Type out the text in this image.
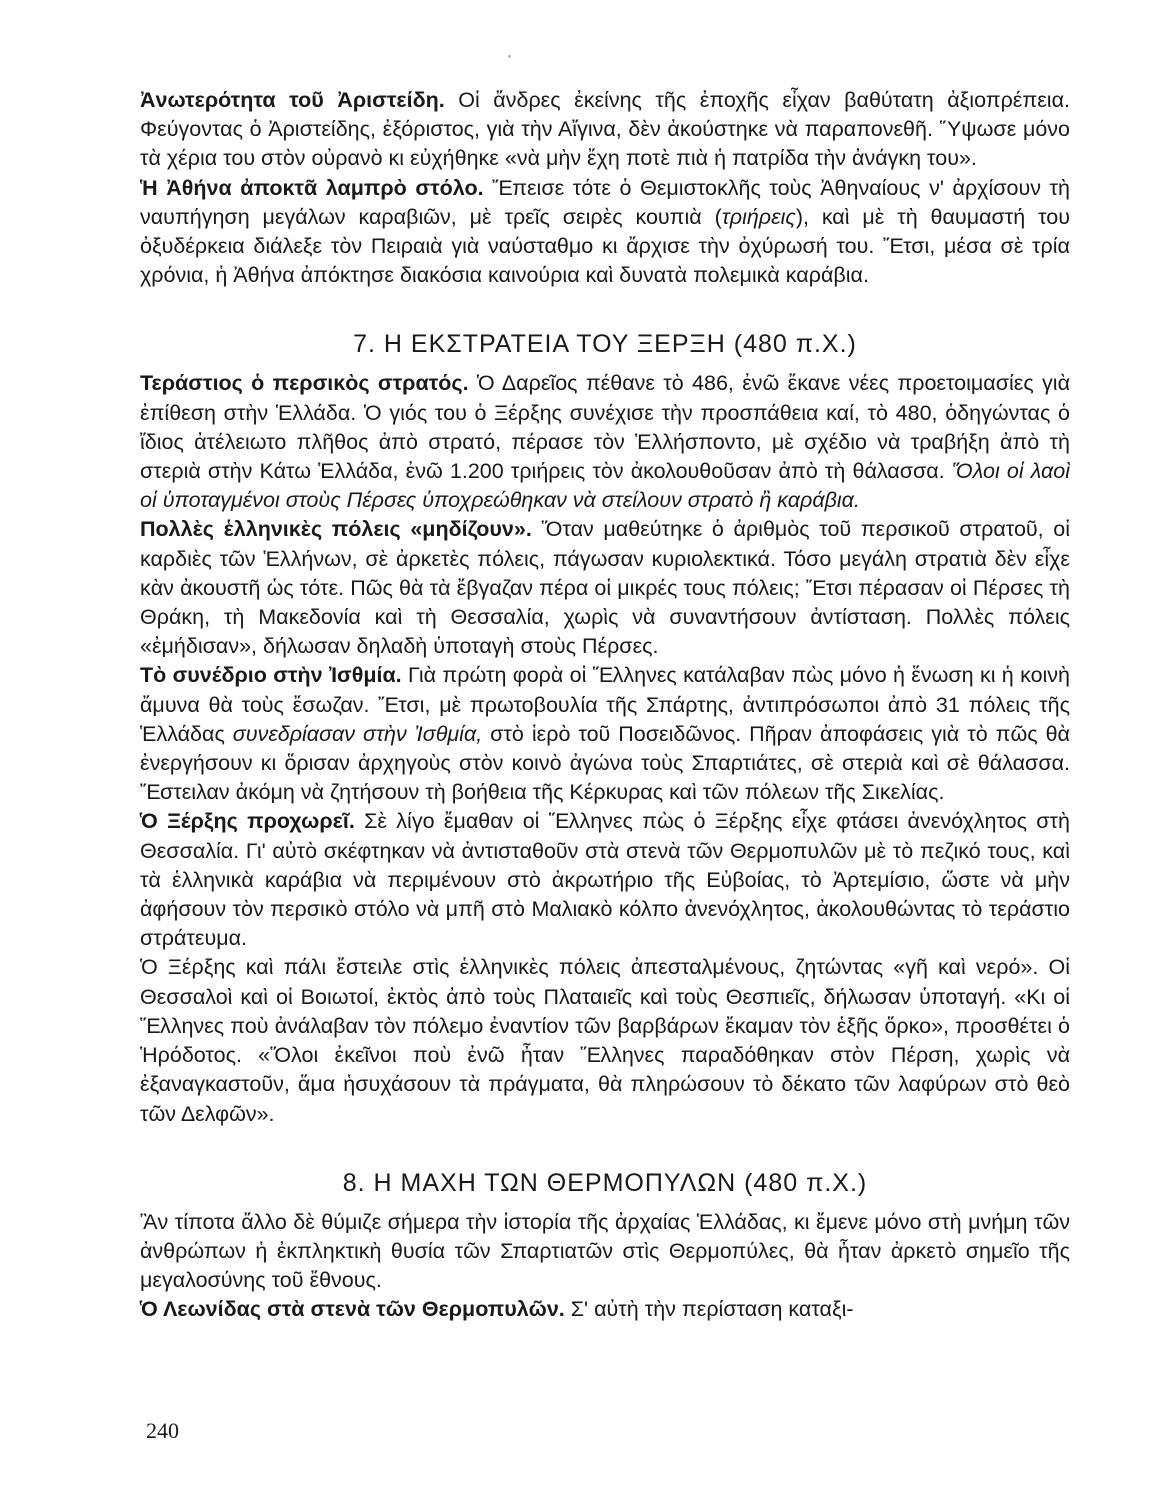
Ἀνωτερότητα τοῦ Ἀριστείδη. Οἱ ἄνδρες ἐκείνης τῆς ἐποχῆς εἶχαν βαθύτατη ἀξιοπρέπεια. Φεύγοντας ὁ Ἀριστείδης, ἐξόριστος, γιὰ τὴν Αἴγινα, δὲν ἀκούστηκε νὰ παραπονεθῆ. Ὕψωσε μόνο τὰ χέρια του στὸν οὐρανὸ κι εὐχήθηκε «νὰ μὴν ἔχη ποτὲ πιὰ ἡ πατρίδα τὴν ἀνάγκη του».

Ἡ Ἀθήνα ἀποκτᾶ λαμπρὸ στόλο. Ἔπεισε τότε ὁ Θεμιστοκλῆς τοὺς Ἀθηναίους ν' ἀρχίσουν τὴ ναυπήγηση μεγάλων καραβιῶν, μὲ τρεῖς σειρὲς κουπιὰ (τριήρεις), καὶ μὲ τὴ θαυμαστή του ὀξυδέρκεια διάλεξε τὸν Πειραιὰ γιὰ ναύσταθμο κι ἄρχισε τὴν ὀχύρωσή του. Ἔτσι, μέσα σὲ τρία χρόνια, ἡ Ἀθήνα ἀπόκτησε διακόσια καινούρια καὶ δυνατὰ πολεμικὰ καράβια.

7. Η ΕΚΣΤΡΑΤΕΙΑ ΤΟΥ ΞΕΡΞΗ (480 π.Χ.)

Τεράστιος ὁ περσικὸς στρατός. Ὁ Δαρεῖος πέθανε τὸ 486, ἐνῶ ἔκανε νέες προετοιμασίες γιὰ ἐπίθεση στὴν Ἑλλάδα. Ὁ γιός του ὁ Ξέρξης συνέχισε τὴν προσπάθεια καί, τὸ 480, ὁδηγώντας ὁ ἴδιος ἀτέλειωτο πλῆθος ἀπὸ στρατό, πέρασε τὸν Ἑλλήσποντο, μὲ σχέδιο νὰ τραβήξη ἀπὸ τὴ στεριὰ στὴν Κάτω Ἑλλάδα, ἐνῶ 1.200 τριήρεις τὸν ἀκολουθοῦσαν ἀπὸ τὴ θάλασσα. Ὅλοι οἱ λαοὶ οἱ ὑποταγμένοι στοὺς Πέρσες ὑποχρεώθηκαν νὰ στείλουν στρατὸ ἢ καράβια.

Πολλὲς ἑλληνικὲς πόλεις «μηδίζουν». Ὅταν μαθεύτηκε ὁ ἀριθμὸς τοῦ περσικοῦ στρατοῦ, οἱ καρδιὲς τῶν Ἑλλήνων, σὲ ἀρκετὲς πόλεις, πάγωσαν κυριολεκτικά. Τόσο μεγάλη στρατιὰ δὲν εἶχε κὰν ἀκουστῆ ὡς τότε. Πῶς θὰ τὰ ἔβγαζαν πέρα οἱ μικρές τους πόλεις; Ἔτσι πέρασαν οἱ Πέρσες τὴ Θράκη, τὴ Μακεδονία καὶ τὴ Θεσσαλία, χωρὶς νὰ συναντήσουν ἀντίσταση. Πολλὲς πόλεις «ἐμήδισαν», δήλωσαν δηλαδὴ ὑποταγὴ στοὺς Πέρσες.

Τὸ συνέδριο στὴν Ἰσθμία. Γιὰ πρώτη φορὰ οἱ Ἕλληνες κατάλαβαν πὼς μόνο ἡ ἕνωση κι ἡ κοινὴ ἄμυνα θὰ τοὺς ἔσωζαν. Ἔτσι, μὲ πρωτοβουλία τῆς Σπάρτης, ἀντιπρόσωποι ἀπὸ 31 πόλεις τῆς Ἑλλάδας συνεδρίασαν στὴν Ἰσθμία, στὸ ἱερὸ τοῦ Ποσειδῶνος. Πῆραν ἀποφάσεις γιὰ τὸ πῶς θὰ ἐνεργήσουν κι ὅρισαν ἀρχηγοὺς στὸν κοινὸ ἀγώνα τοὺς Σπαρτιάτες, σὲ στεριὰ καὶ σὲ θάλασσα. Ἔστειλαν ἀκόμη νὰ ζητήσουν τὴ βοήθεια τῆς Κέρκυρας καὶ τῶν πόλεων τῆς Σικελίας.

Ὁ Ξέρξης προχωρεῖ. Σὲ λίγο ἔμαθαν οἱ Ἕλληνες πὼς ὁ Ξέρξης εἶχε φτάσει ἀνενόχλητος στὴ Θεσσαλία. Γι' αὐτὸ σκέφτηκαν νὰ ἀντισταθοῦν στὰ στενὰ τῶν Θερμοπυλῶν μὲ τὸ πεζικό τους, καὶ τὰ ἑλληνικὰ καράβια νὰ περιμένουν στὸ ἀκρωτήριο τῆς Εὐβοίας, τὸ Ἀρτεμίσιο, ὥστε νὰ μὴν ἀφήσουν τὸν περσικὸ στόλο νὰ μπῆ στὸ Μαλιακὸ κόλπο ἀνενόχλητος, ἀκολουθώντας τὸ τεράστιο στράτευμα.

Ὁ Ξέρξης καὶ πάλι ἔστειλε στὶς ἑλληνικὲς πόλεις ἀπεσταλμένους, ζητώντας «γῆ καὶ νερό». Οἱ Θεσσαλοὶ καὶ οἱ Βοιωτοί, ἐκτὸς ἀπὸ τοὺς Πλαταιεῖς καὶ τοὺς Θεσπιεῖς, δήλωσαν ὑποταγή. «Κι οἱ Ἕλληνες ποὺ ἀνάλαβαν τὸν πόλεμο ἐναντίον τῶν βαρβάρων ἔκαμαν τὸν ἑξῆς ὅρκο», προσθέτει ὁ Ἡρόδοτος. «Ὅλοι ἐκεῖνοι ποὺ ἐνῶ ἦταν Ἕλληνες παραδόθηκαν στὸν Πέρση, χωρὶς νὰ ἐξαναγκαστοῦν, ἅμα ἡσυχάσουν τὰ πράγματα, θὰ πληρώσουν τὸ δέκατο τῶν λαφύρων στὸ θεὸ τῶν Δελφῶν».

8. Η ΜΑΧΗ ΤΩΝ ΘΕΡΜΟΠΥΛΩΝ (480 π.Χ.)

Ἂν τίποτα ἄλλο δὲ θύμιζε σήμερα τὴν ἱστορία τῆς ἀρχαίας Ἑλλάδας, κι ἔμενε μόνο στὴ μνήμη τῶν ἀνθρώπων ἡ ἐκπληκτικὴ θυσία τῶν Σπαρτιατῶν στὶς Θερμοπύλες, θὰ ἦταν ἀρκετὸ σημεῖο τῆς μεγαλοσύνης τοῦ ἔθνους.

Ὁ Λεωνίδας στὰ στενὰ τῶν Θερμοπυλῶν. Σ' αὐτὴ τὴν περίσταση καταξι-

240
